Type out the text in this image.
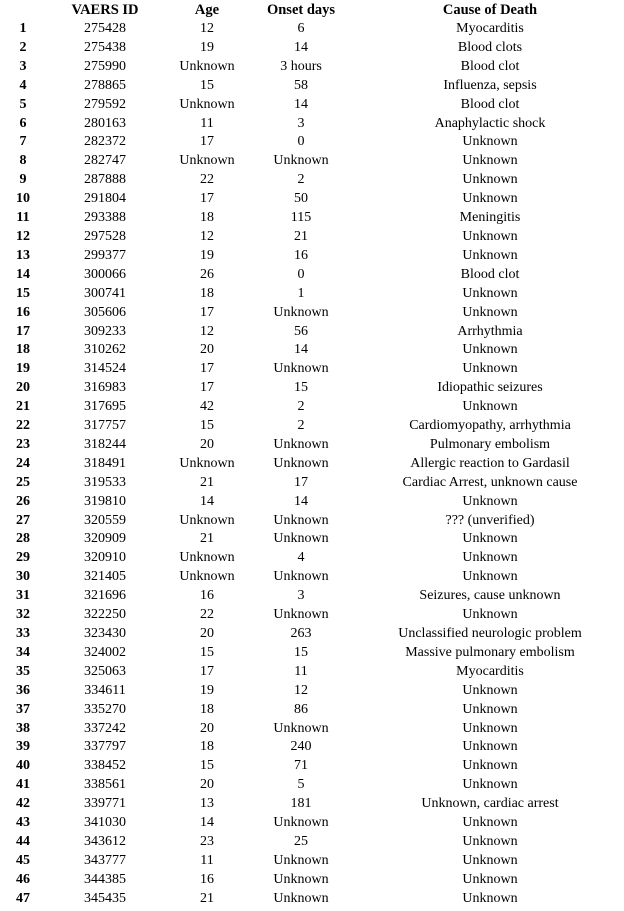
	VAERS ID	Age	Onset days	Cause of Death
1	275428	12	6	Myocarditis
2	275438	19	14	Blood clots
3	275990	Unknown	3 hours	Blood clot
4	278865	15	58	Influenza, sepsis
5	279592	Unknown	14	Blood clot
6	280163	11	3	Anaphylactic shock
7	282372	17	0	Unknown
8	282747	Unknown	Unknown	Unknown
9	287888	22	2	Unknown
10	291804	17	50	Unknown
11	293388	18	115	Meningitis
12	297528	12	21	Unknown
13	299377	19	16	Unknown
14	300066	26	0	Blood clot
15	300741	18	1	Unknown
16	305606	17	Unknown	Unknown
17	309233	12	56	Arrhythmia
18	310262	20	14	Unknown
19	314524	17	Unknown	Unknown
20	316983	17	15	Idiopathic seizures
21	317695	42	2	Unknown
22	317757	15	2	Cardiomyopathy, arrhythmia
23	318244	20	Unknown	Pulmonary embolism
24	318491	Unknown	Unknown	Allergic reaction to Gardasil
25	319533	21	17	Cardiac Arrest, unknown cause
26	319810	14	14	Unknown
27	320559	Unknown	Unknown	??? (unverified)
28	320909	21	Unknown	Unknown
29	320910	Unknown	4	Unknown
30	321405	Unknown	Unknown	Unknown
31	321696	16	3	Seizures, cause unknown
32	322250	22	Unknown	Unknown
33	323430	20	263	Unclassified neurologic problem
34	324002	15	15	Massive pulmonary embolism
35	325063	17	11	Myocarditis
36	334611	19	12	Unknown
37	335270	18	86	Unknown
38	337242	20	Unknown	Unknown
39	337797	18	240	Unknown
40	338452	15	71	Unknown
41	338561	20	5	Unknown
42	339771	13	181	Unknown, cardiac arrest
43	341030	14	Unknown	Unknown
44	343612	23	25	Unknown
45	343777	11	Unknown	Unknown
46	344385	16	Unknown	Unknown
47	345435	21	Unknown	Unknown
